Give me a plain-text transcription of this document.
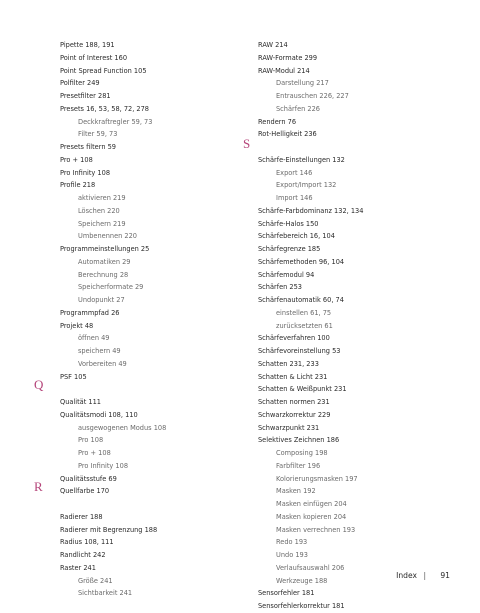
Pipette 188, 191
Point of Interest 160
Point Spread Function 105
Polfilter 249
Presetfilter 281
Presets 16, 53, 58, 72, 278
Deckkraftregler 59, 73
Filter 59, 73
Presets filtern 59
Pro + 108
Pro Infinity 108
Profile 218
aktivieren 219
Löschen 220
Speichern 219
Umbenennen 220
Programmeinstellungen 25
Automatiken 29
Berechnung 28
Speicherformate 29
Undopunkt 27
Programmpfad 26
Projekt 48
öffnen 49
speichern 49
Vorbereiten 49
PSF 105
Qualität 111
Qualitätsmodi 108, 110
ausgewogenen Modus 108
Pro 108
Pro + 108
Pro Infinity 108
Qualitätsstufe 69
Quellfarbe 170
Radierer 188
Radierer mit Begrenzung 188
Radius 108, 111
Randlicht 242
Raster 241
Größe 241
Sichtbarkeit 241
RAW 214
RAW-Formate 299
RAW-Modul 214
Darstellung 217
Entrauschen 226, 227
Schärfen 226
Rendern 76
Rot-Helligkeit 236
Schärfe-Einstellungen 132
Export 146
Export/Import 132
Import 146
Schärfe-Farbdominanz 132, 134
Schärfe-Halos 150
Schärfebereich 16, 104
Schärfegrenze 185
Schärfemethoden 96, 104
Schärfemodul 94
Schärfen 253
Schärfenautomatik 60, 74
einstellen 61, 75
zurücksetzten 61
Schärfeverfahren 100
Schärfevoreinstellung 53
Schatten 231, 233
Schatten & Licht 231
Schatten & Weißpunkt 231
Schatten normen 231
Schwarzkorrektur 229
Schwarzpunkt 231
Selektives Zeichnen 186
Composing 198
Farbfilter 196
Kolorierungsmasken 197
Masken 192
Masken einfügen 204
Masken kopieren 204
Masken verrechnen 193
Redo 193
Undo 193
Verlaufsauswahl 206
Werkzeuge 188
Sensorfehler 181
Sensorfehlerkorrektur 181
Q
R
S
Index | 91
